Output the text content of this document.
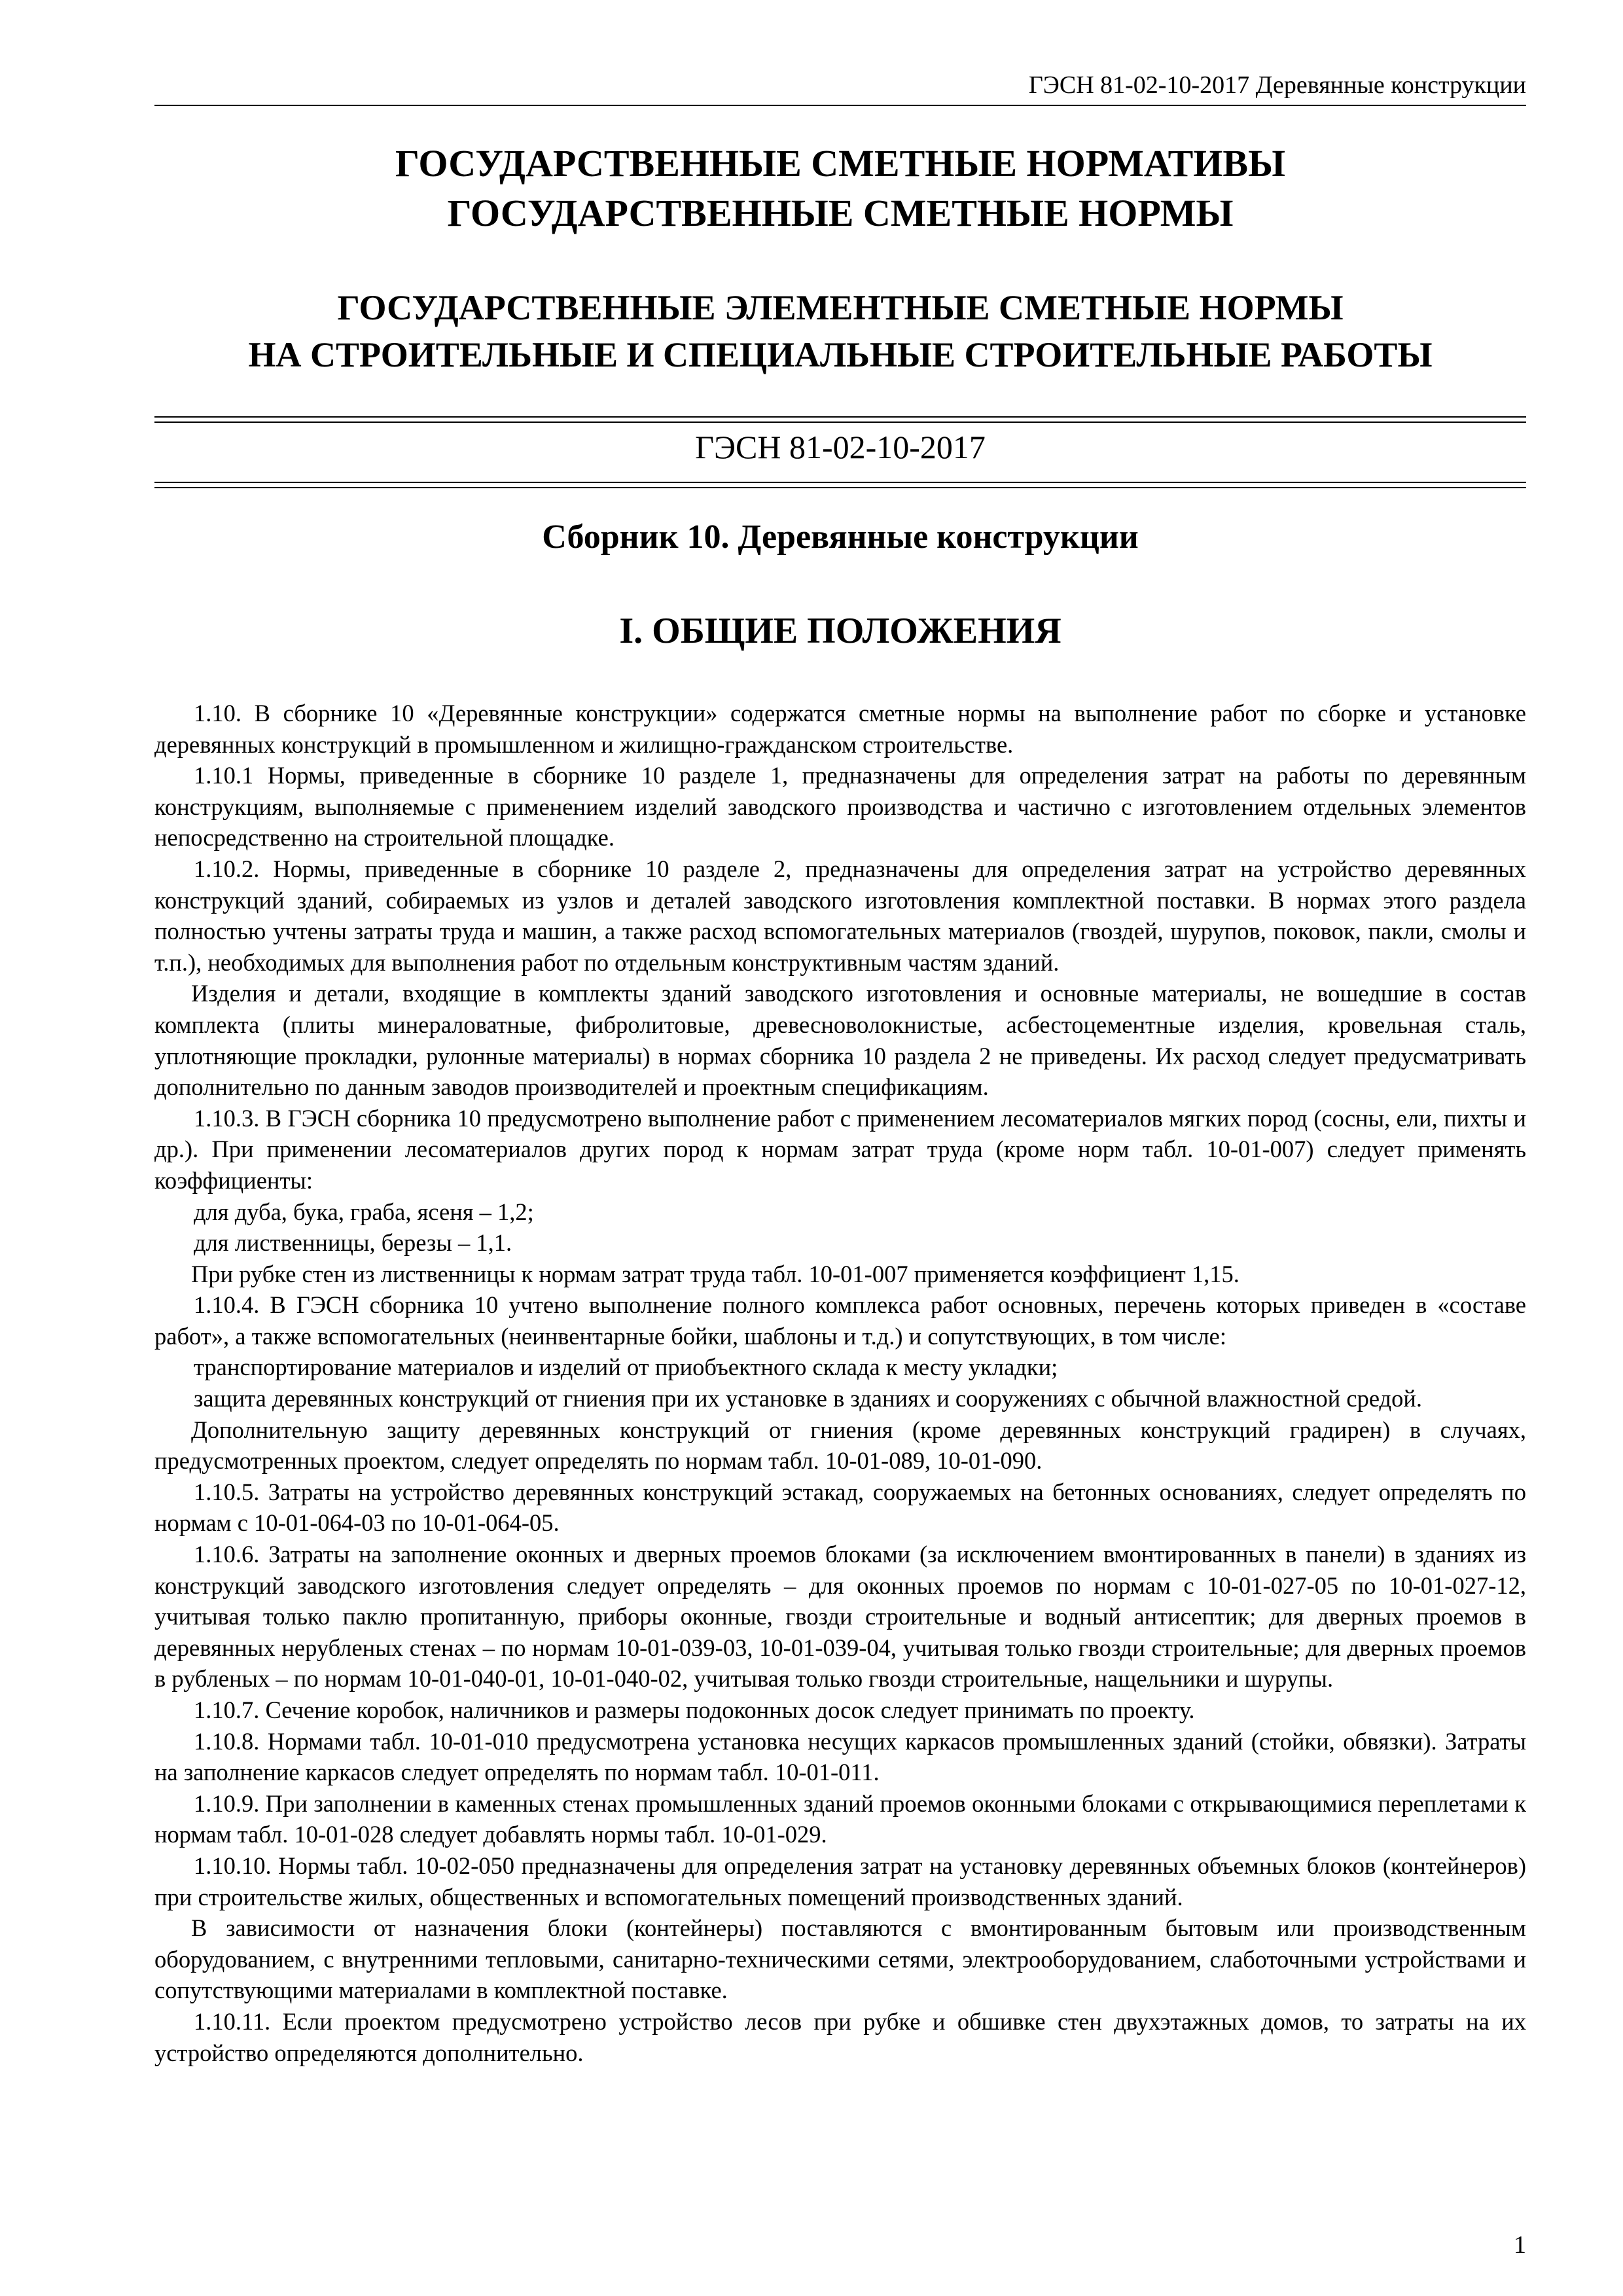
ГЭСН 81-02-10-2017 Деревянные конструкции
ГОСУДАРСТВЕННЫЕ СМЕТНЫЕ НОРМАТИВЫ
ГОСУДАРСТВЕННЫЕ СМЕТНЫЕ НОРМЫ
ГОСУДАРСТВЕННЫЕ ЭЛЕМЕНТНЫЕ СМЕТНЫЕ НОРМЫ
НА СТРОИТЕЛЬНЫЕ И СПЕЦИАЛЬНЫЕ СТРОИТЕЛЬНЫЕ РАБОТЫ
ГЭСН 81-02-10-2017
Сборник 10. Деревянные конструкции
I. ОБЩИЕ ПОЛОЖЕНИЯ

1.10. В сборнике 10 «Деревянные конструкции» содержатся сметные нормы на выполнение работ по сборке и установке деревянных конструкций в промышленном и жилищно-гражданском строительстве.

1.10.1 Нормы, приведенные в сборнике 10 разделе 1, предназначены для определения затрат на работы по деревянным конструкциям, выполняемые с применением изделий заводского производства и частично с изготовлением отдельных элементов непосредственно на строительной площадке.

1.10.2. Нормы, приведенные в сборнике 10 разделе 2, предназначены для определения затрат на устройство деревянных конструкций зданий, собираемых из узлов и деталей заводского изготовления комплектной поставки. В нормах этого раздела полностью учтены затраты труда и машин, а также расход вспомогательных материалов (гвоздей, шурупов, поковок, пакли, смолы и т.п.), необходимых для выполнения работ по отдельным конструктивным частям зданий.

Изделия и детали, входящие в комплекты зданий заводского изготовления и основные материалы, не вошедшие в состав комплекта (плиты минераловатные, фибролитовые, древесноволокнистые, асбестоцементные изделия, кровельная сталь, уплотняющие прокладки, рулонные материалы) в нормах сборника 10 раздела 2 не приведены. Их расход следует предусматривать дополнительно по данным заводов производителей и проектным спецификациям.

1.10.3. В ГЭСН сборника 10 предусмотрено выполнение работ с применением лесоматериалов мягких пород (сосны, ели, пихты и др.). При применении лесоматериалов других пород к нормам затрат труда (кроме норм табл. 10-01-007) следует применять коэффициенты:

для дуба, бука, граба, ясеня – 1,2;

для лиственницы, березы – 1,1.

При рубке стен из лиственницы к нормам затрат труда табл. 10-01-007 применяется коэффициент 1,15.

1.10.4. В ГЭСН сборника 10 учтено выполнение полного комплекса работ основных, перечень которых приведен в «составе работ», а также вспомогательных (неинвентарные бойки, шаблоны и т.д.) и сопутствующих, в том числе:

транспортирование материалов и изделий от приобъектного склада к месту укладки;

защита деревянных конструкций от гниения при их установке в зданиях и сооружениях с обычной влажностной средой.

Дополнительную защиту деревянных конструкций от гниения (кроме деревянных конструкций градирен) в случаях, предусмотренных проектом, следует определять по нормам табл. 10-01-089, 10-01-090.

1.10.5. Затраты на устройство деревянных конструкций эстакад, сооружаемых на бетонных основаниях, следует определять по нормам с 10-01-064-03 по 10-01-064-05.

1.10.6. Затраты на заполнение оконных и дверных проемов блоками (за исключением вмонтированных в панели) в зданиях из конструкций заводского изготовления следует определять – для оконных проемов по нормам с 10-01-027-05 по 10-01-027-12, учитывая только паклю пропитанную, приборы оконные, гвозди строительные и водный антисептик; для дверных проемов в деревянных нерубленых стенах – по нормам 10-01-039-03, 10-01-039-04, учитывая только гвозди строительные; для дверных проемов в рубленых – по нормам 10-01-040-01, 10-01-040-02, учитывая только гвозди строительные, нащельники и шурупы.

1.10.7. Сечение коробок, наличников и размеры подоконных досок следует принимать по проекту.

1.10.8. Нормами табл. 10-01-010 предусмотрена установка несущих каркасов промышленных зданий (стойки, обвязки). Затраты на заполнение каркасов следует определять по нормам табл. 10-01-011.

1.10.9. При заполнении в каменных стенах промышленных зданий проемов оконными блоками с открывающимися переплетами к нормам табл. 10-01-028 следует добавлять нормы табл. 10-01-029.

1.10.10. Нормы табл. 10-02-050 предназначены для определения затрат на установку деревянных объемных блоков (контейнеров) при строительстве жилых, общественных и вспомогательных помещений производственных зданий.

В зависимости от назначения блоки (контейнеры) поставляются с вмонтированным бытовым или производственным оборудованием, с внутренними тепловыми, санитарно-техническими сетями, электрооборудованием, слаботочными устройствами и сопутствующими материалами в комплектной поставке.

1.10.11. Если проектом предусмотрено устройство лесов при рубке и обшивке стен двухэтажных домов, то затраты на их устройство определяются дополнительно.

1
